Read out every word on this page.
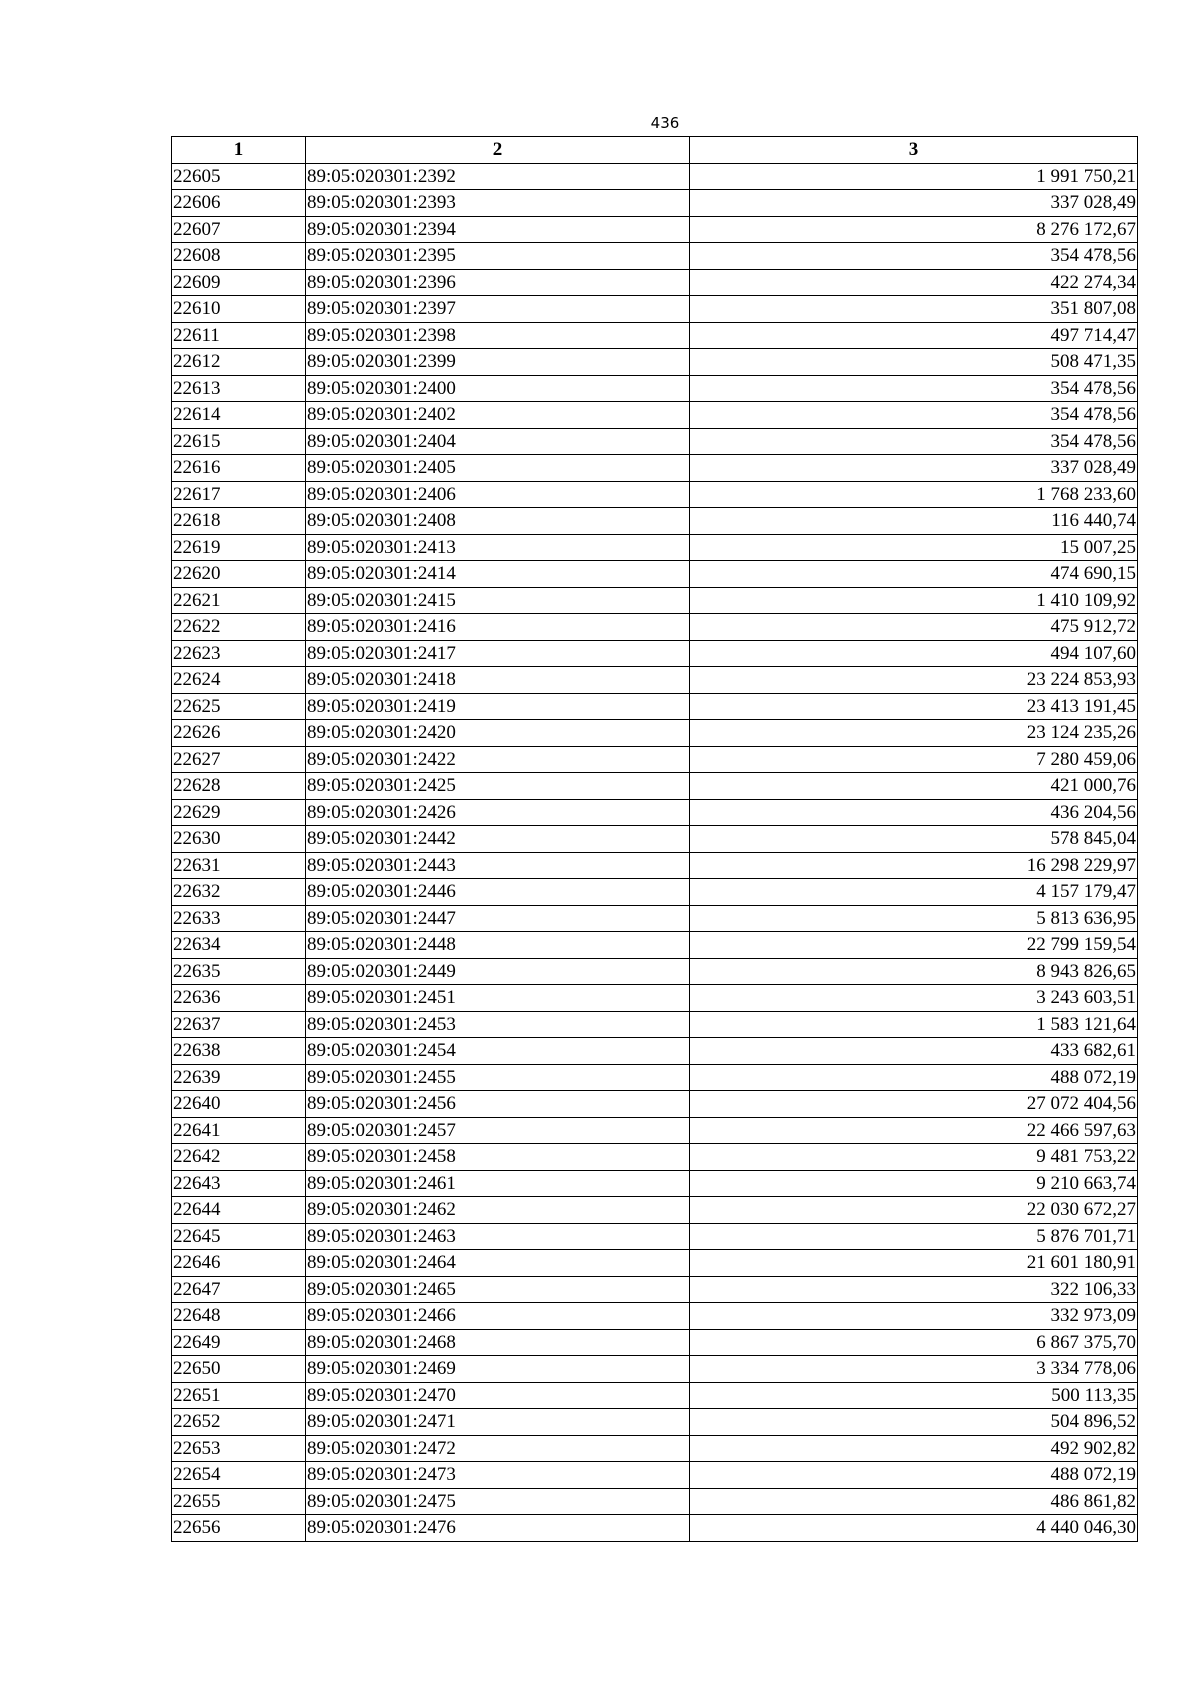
436
1	2	3
22605	89:05:020301:2392	1 991 750,21
22606	89:05:020301:2393	337 028,49
22607	89:05:020301:2394	8 276 172,67
22608	89:05:020301:2395	354 478,56
22609	89:05:020301:2396	422 274,34
22610	89:05:020301:2397	351 807,08
22611	89:05:020301:2398	497 714,47
22612	89:05:020301:2399	508 471,35
22613	89:05:020301:2400	354 478,56
22614	89:05:020301:2402	354 478,56
22615	89:05:020301:2404	354 478,56
22616	89:05:020301:2405	337 028,49
22617	89:05:020301:2406	1 768 233,60
22618	89:05:020301:2408	116 440,74
22619	89:05:020301:2413	15 007,25
22620	89:05:020301:2414	474 690,15
22621	89:05:020301:2415	1 410 109,92
22622	89:05:020301:2416	475 912,72
22623	89:05:020301:2417	494 107,60
22624	89:05:020301:2418	23 224 853,93
22625	89:05:020301:2419	23 413 191,45
22626	89:05:020301:2420	23 124 235,26
22627	89:05:020301:2422	7 280 459,06
22628	89:05:020301:2425	421 000,76
22629	89:05:020301:2426	436 204,56
22630	89:05:020301:2442	578 845,04
22631	89:05:020301:2443	16 298 229,97
22632	89:05:020301:2446	4 157 179,47
22633	89:05:020301:2447	5 813 636,95
22634	89:05:020301:2448	22 799 159,54
22635	89:05:020301:2449	8 943 826,65
22636	89:05:020301:2451	3 243 603,51
22637	89:05:020301:2453	1 583 121,64
22638	89:05:020301:2454	433 682,61
22639	89:05:020301:2455	488 072,19
22640	89:05:020301:2456	27 072 404,56
22641	89:05:020301:2457	22 466 597,63
22642	89:05:020301:2458	9 481 753,22
22643	89:05:020301:2461	9 210 663,74
22644	89:05:020301:2462	22 030 672,27
22645	89:05:020301:2463	5 876 701,71
22646	89:05:020301:2464	21 601 180,91
22647	89:05:020301:2465	322 106,33
22648	89:05:020301:2466	332 973,09
22649	89:05:020301:2468	6 867 375,70
22650	89:05:020301:2469	3 334 778,06
22651	89:05:020301:2470	500 113,35
22652	89:05:020301:2471	504 896,52
22653	89:05:020301:2472	492 902,82
22654	89:05:020301:2473	488 072,19
22655	89:05:020301:2475	486 861,82
22656	89:05:020301:2476	4 440 046,30
